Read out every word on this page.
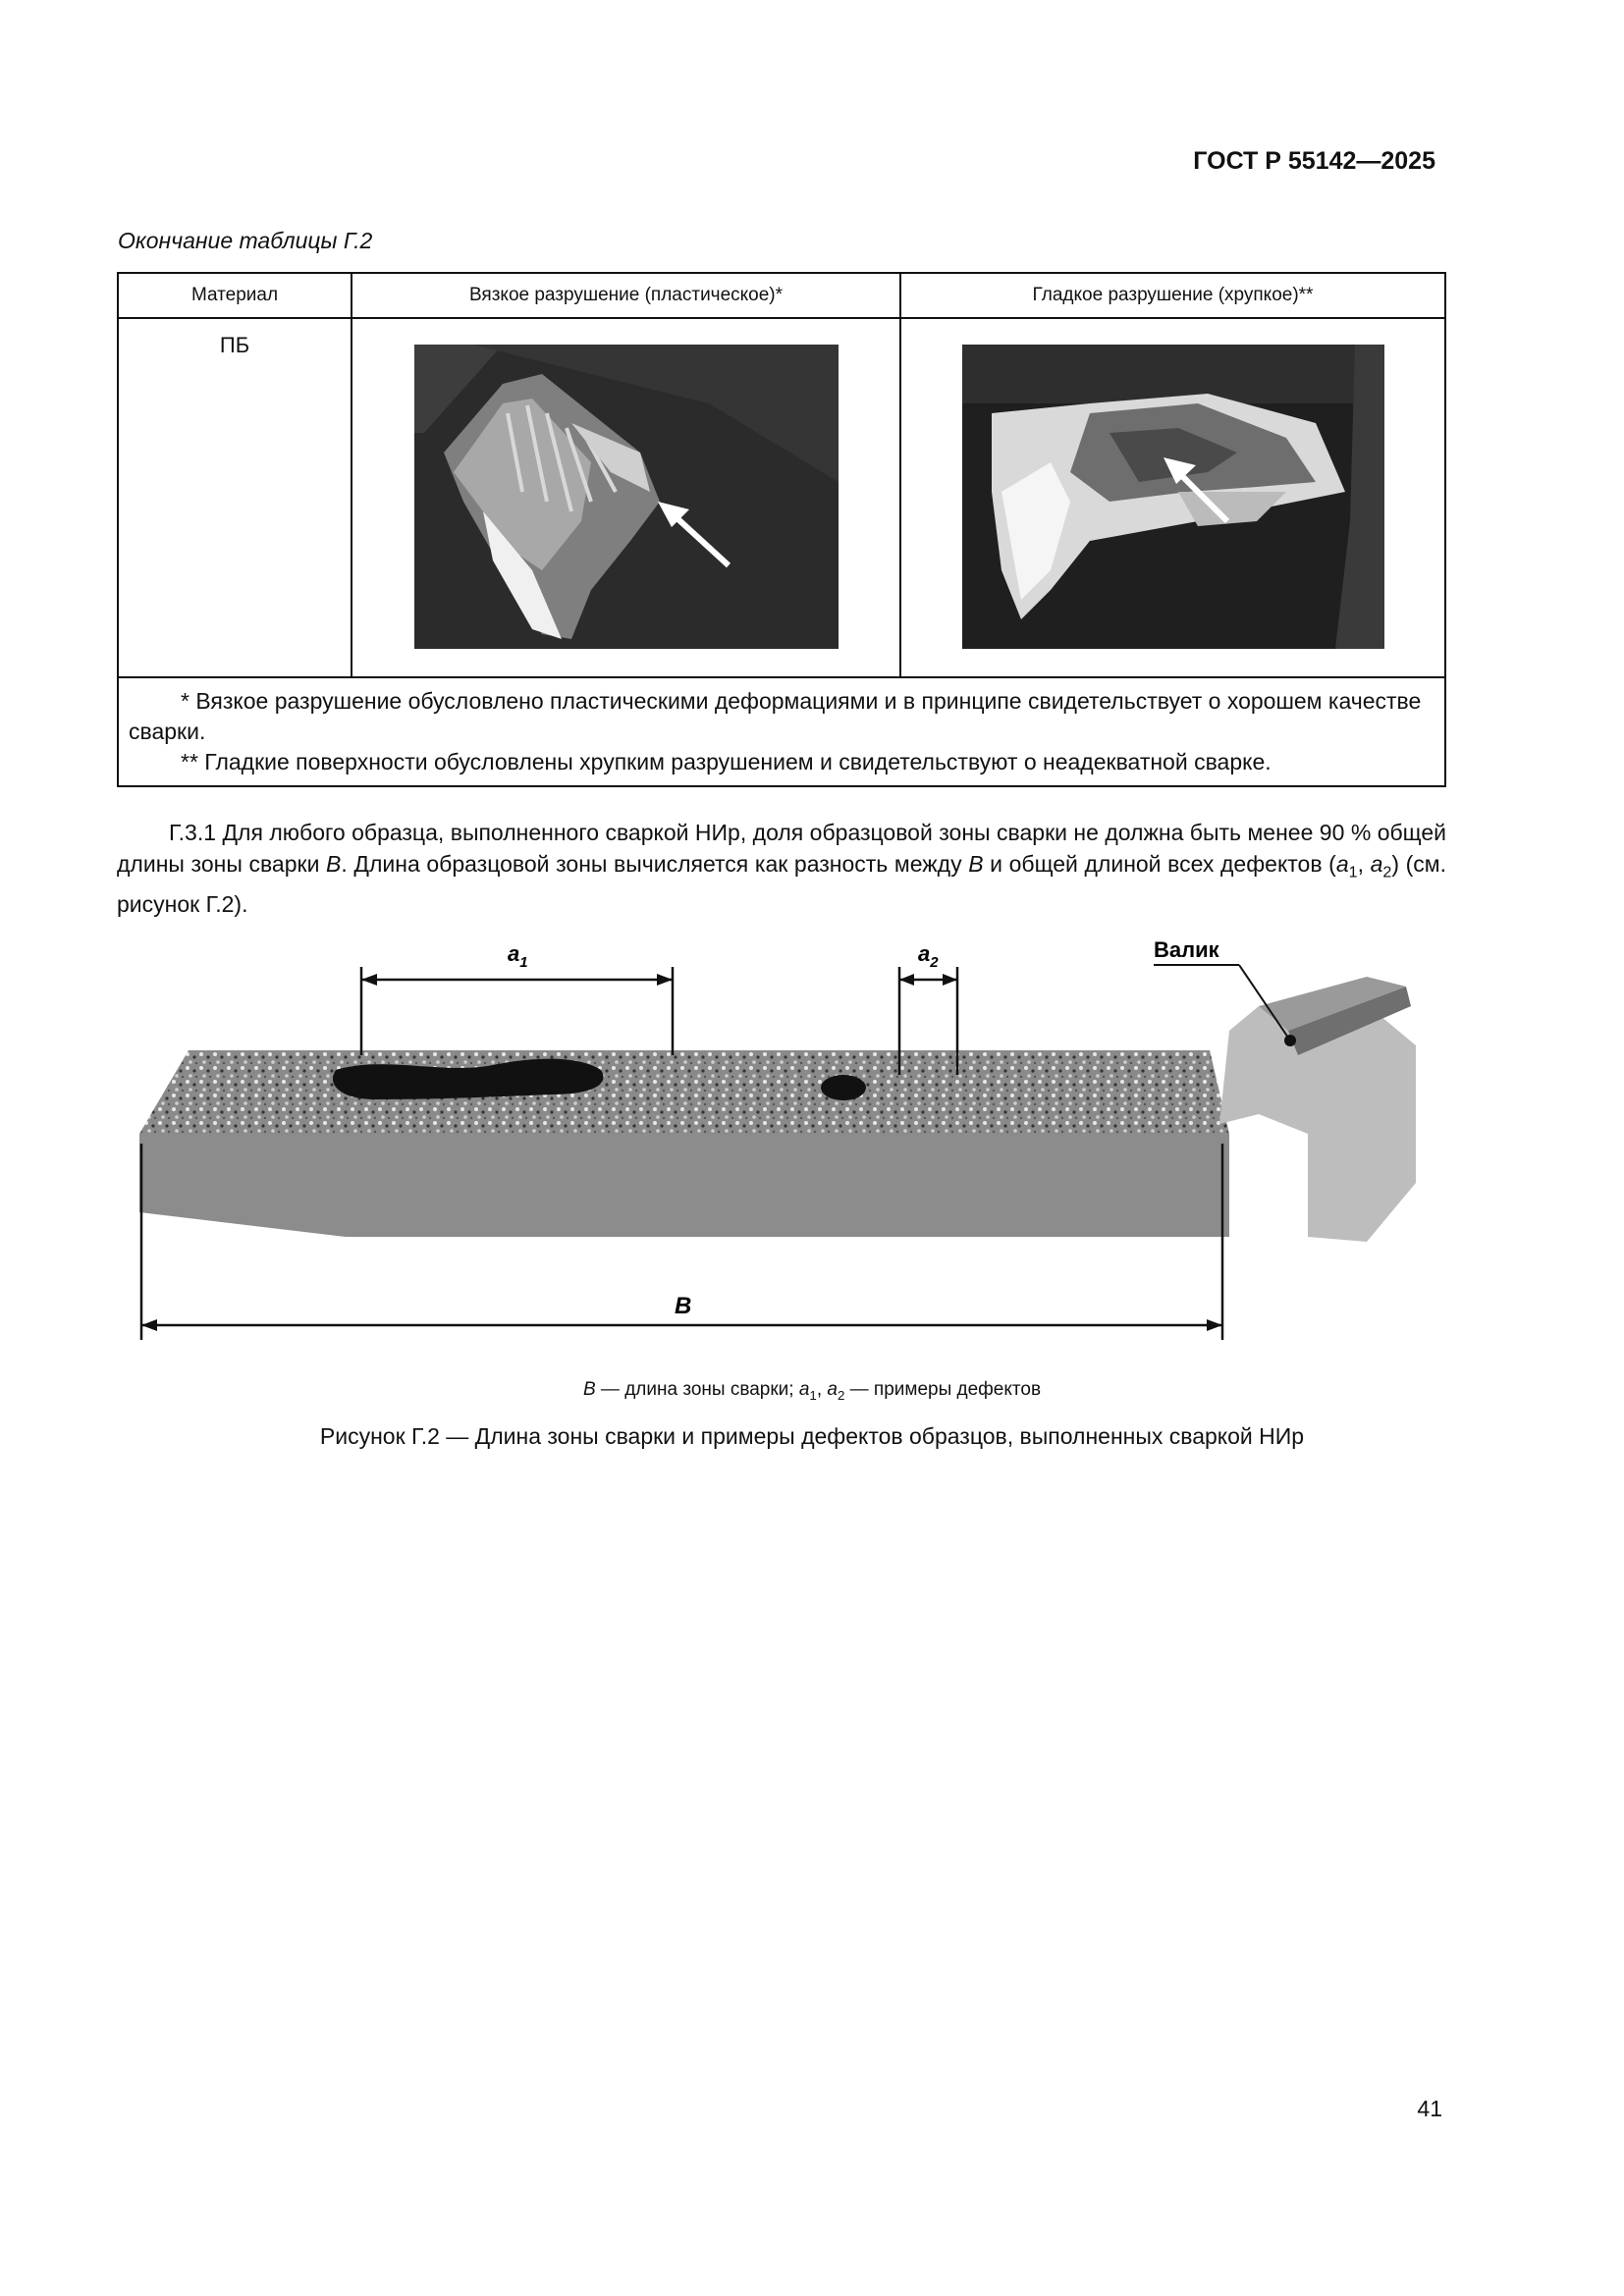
ГОСТ Р 55142—2025
Окончание таблицы Г.2
Материал	Вязкое разрушение (пластическое)*	Гладкое разрушение (хрупкое)**
ПБ	

* Вязкое разрушение обусловлено пластическими деформациями и в принципе свидетельствует о хорошем качестве сварки.

** Гладкие поверхности обусловлены хрупким разрушением и свидетельствуют о неадекватной сварке.		

Г.3.1 Для любого образца, выполненного сваркой НИр, доля образцовой зоны сварки не должна быть менее 90 % общей длины зоны сварки B. Длина образцовой зоны вычисляется как разность между B и общей длиной всех дефектов ($a_1$, $a_2$) (см. рисунок Г.2).
$a_1$	$a_2$
Валик
B
B — длина зоны сварки; $a_1$, $a_2$ — примеры дефектов
Рисунок Г.2 — Длина зоны сварки и примеры дефектов образцов, выполненных сваркой НИр
41
